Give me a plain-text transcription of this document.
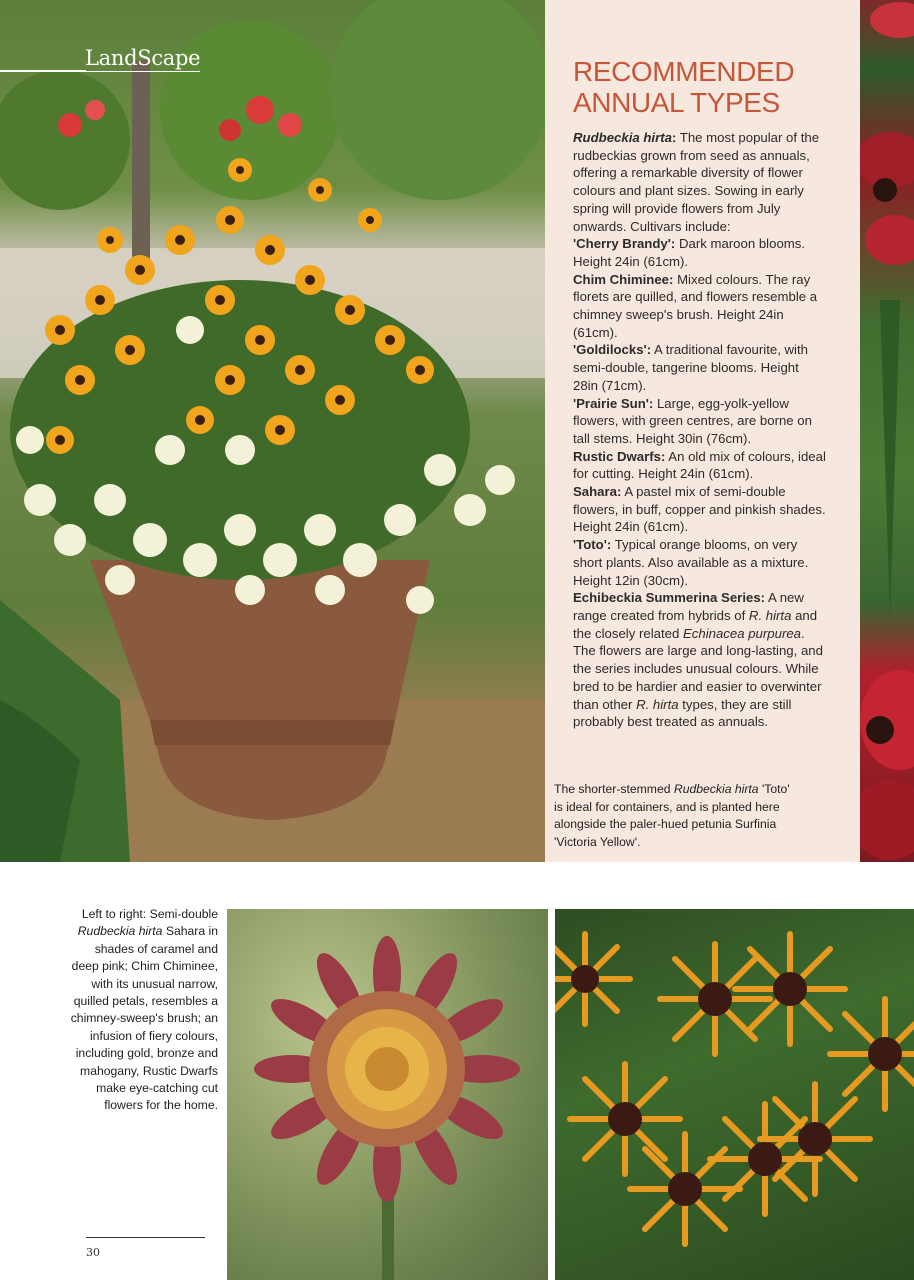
LandScape	RECOMMENDED
ANNUAL TYPES

Rudbeckia hirta: The most popular of the rudbeckias grown from seed as annuals, offering a remarkable diversity of flower colours and plant sizes. Sowing in early spring will provide flowers from July onwards. Cultivars include:

'Cherry Brandy': Dark maroon blooms. Height 24in (61cm).

Chim Chiminee: Mixed colours. The ray florets are quilled, and flowers resemble a chimney sweep's brush. Height 24in (61cm).

'Goldilocks': A traditional favourite, with semi-double, tangerine blooms. Height 28in (71cm).

'Prairie Sun': Large, egg-yolk-yellow flowers, with green centres, are borne on tall stems. Height 30in (76cm).

Rustic Dwarfs: An old mix of colours, ideal for cutting. Height 24in (61cm).

Sahara: A pastel mix of semi-double flowers, in buff, copper and pinkish shades. Height 24in (61cm).

'Toto': Typical orange blooms, on very short plants. Also available as a mixture. Height 12in (30cm).

Echibeckia Summerina Series: A new range created from hybrids of R. hirta and the closely related Echinacea purpurea. The flowers are large and long-lasting, and the series includes unusual colours. While bred to be hardier and easier to overwinter than other R. hirta types, they are still probably best treated as annuals.

The shorter-stemmed Rudbeckia hirta 'Toto' is ideal for containers, and is planted here alongside the paler-hued petunia Surfinia 'Victoria Yellow'.
Left to right: Semi-double Rudbeckia hirta Sahara in shades of caramel and deep pink; Chim Chiminee, with its unusual narrow, quilled petals, resembles a chimney-sweep's brush; an infusion of fiery colours, including gold, bronze and mahogany, Rustic Dwarfs make eye-catching cut flowers for the home.
30
